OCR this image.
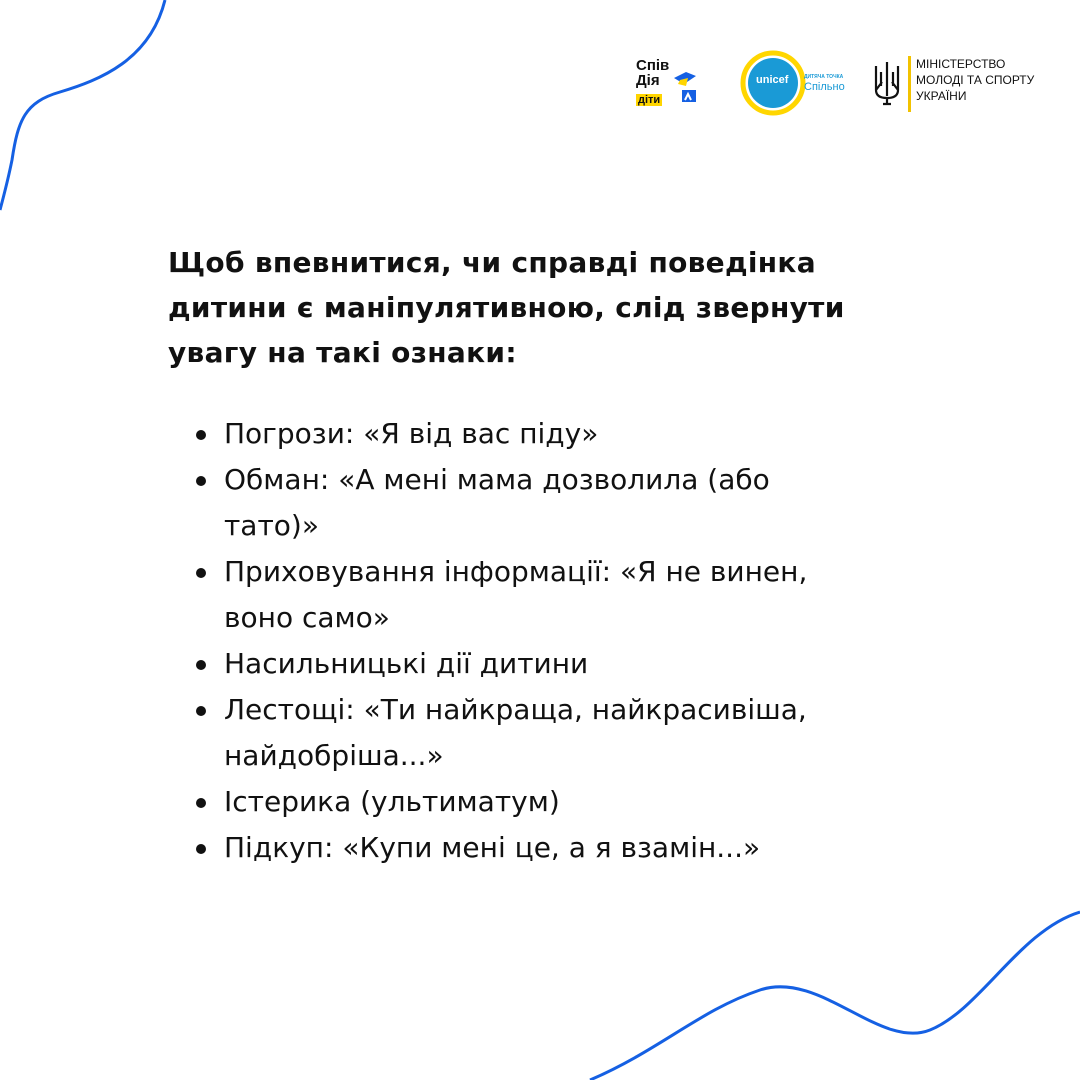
Спів
Дія
діти
unicef	ДИТЯЧА ТОЧКА
Спільно
МІНІСТЕРСТВО
МОЛОДІ ТА СПОРТУ
УКРАЇНИ
Щоб впевнитися, чи справді поведінка дитини є маніпулятивною, слід звернути увагу на такі ознаки:
Погрози: «Я від вас піду»
Обман: «А мені мама дозволила (або тато)»
Приховування інформації: «Я не винен, воно само»
Насильницькі дії дитини
Лестощі: «Ти найкраща, найкрасивіша, найдобріша...»
Істерика (ультиматум)
Підкуп: «Купи мені це, а я взамін...»
